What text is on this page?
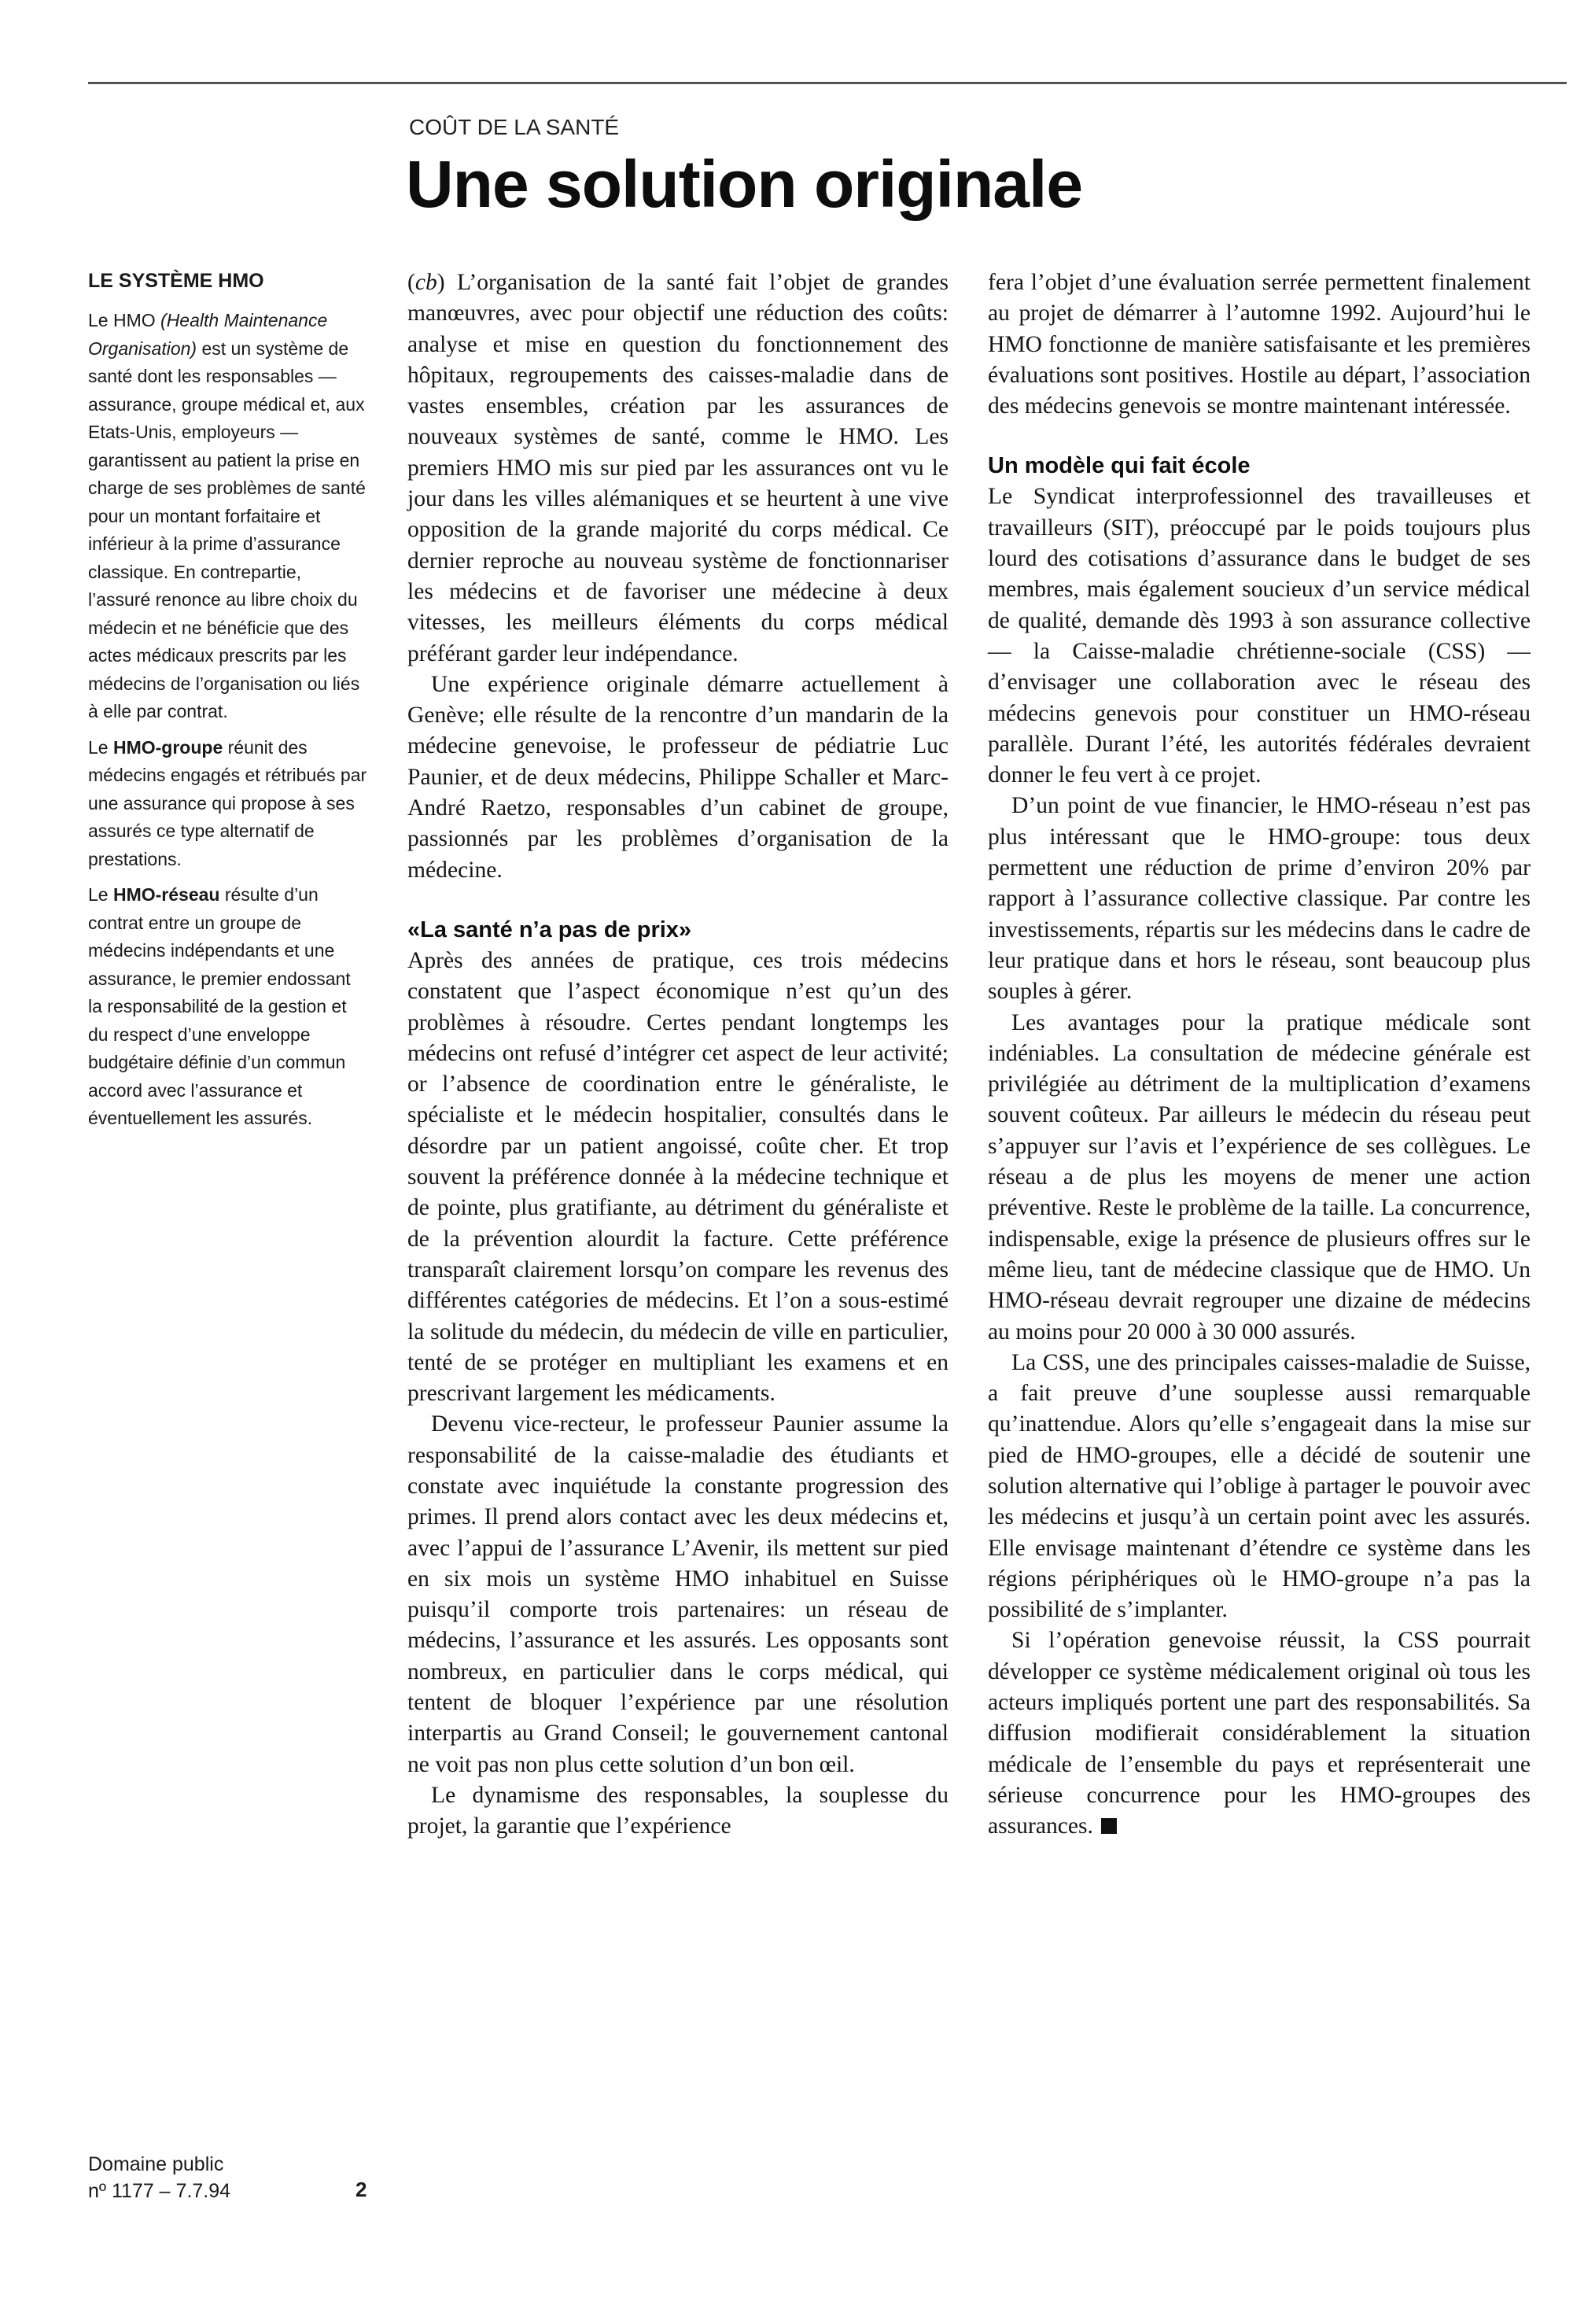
COÛT DE LA SANTÉ
Une solution originale
LE SYSTÈME HMO

Le HMO (Health Maintenance Organisation) est un système de santé dont les responsables — assurance, groupe médical et, aux Etats-Unis, employeurs — garantissent au patient la prise en charge de ses problèmes de santé pour un montant forfaitaire et inférieur à la prime d’assurance classique. En contrepartie, l’assuré renonce au libre choix du médecin et ne bénéficie que des actes médicaux prescrits par les médecins de l’organisation ou liés à elle par contrat.

Le HMO-groupe réunit des médecins engagés et rétribués par une assurance qui propose à ses assurés ce type alternatif de prestations.

Le HMO-réseau résulte d’un contrat entre un groupe de médecins indépendants et une assurance, le premier endossant la responsabilité de la gestion et du respect d’une enveloppe budgétaire définie d’un commun accord avec l’assurance et éventuellement les assurés.

(cb) L’organisation de la santé fait l’objet de grandes manœuvres, avec pour objectif une réduction des coûts: analyse et mise en question du fonctionnement des hôpitaux, regroupements des caisses-maladie dans de vastes ensembles, création par les assurances de nouveaux systèmes de santé, comme le HMO. Les premiers HMO mis sur pied par les assurances ont vu le jour dans les villes alémaniques et se heurtent à une vive opposition de la grande majorité du corps médical. Ce dernier reproche au nouveau système de fonctionnariser les médecins et de favoriser une médecine à deux vitesses, les meilleurs éléments du corps médical préférant garder leur indépendance.

Une expérience originale démarre actuellement à Genève; elle résulte de la rencontre d’un mandarin de la médecine genevoise, le professeur de pédiatrie Luc Paunier, et de deux médecins, Philippe Schaller et Marc-André Raetzo, responsables d’un cabinet de groupe, passionnés par les problèmes d’organisation de la médecine.

«La santé n’a pas de prix»

Après des années de pratique, ces trois médecins constatent que l’aspect économique n’est qu’un des problèmes à résoudre. Certes pendant longtemps les médecins ont refusé d’intégrer cet aspect de leur activité; or l’absence de coordination entre le généraliste, le spécialiste et le médecin hospitalier, consultés dans le désordre par un patient angoissé, coûte cher. Et trop souvent la préférence donnée à la médecine technique et de pointe, plus gratifiante, au détriment du généraliste et de la prévention alourdit la facture. Cette préférence transparaît clairement lorsqu’on compare les revenus des différentes catégories de médecins. Et l’on a sous-estimé la solitude du médecin, du médecin de ville en particulier, tenté de se protéger en multipliant les examens et en prescrivant largement les médicaments.

Devenu vice-recteur, le professeur Paunier assume la responsabilité de la caisse-maladie des étudiants et constate avec inquiétude la constante progression des primes. Il prend alors contact avec les deux médecins et, avec l’appui de l’assurance L’Avenir, ils mettent sur pied en six mois un système HMO inhabituel en Suisse puisqu’il comporte trois partenaires: un réseau de médecins, l’assurance et les assurés. Les opposants sont nombreux, en particulier dans le corps médical, qui tentent de bloquer l’expérience par une résolution interpartis au Grand Conseil; le gouvernement cantonal ne voit pas non plus cette solution d’un bon œil.

Le dynamisme des responsables, la souplesse du projet, la garantie que l’expérience

fera l’objet d’une évaluation serrée permettent finalement au projet de démarrer à l’automne 1992. Aujourd’hui le HMO fonctionne de manière satisfaisante et les premières évaluations sont positives. Hostile au départ, l’association des médecins genevois se montre maintenant intéressée.

Un modèle qui fait école

Le Syndicat interprofessionnel des travailleuses et travailleurs (SIT), préoccupé par le poids toujours plus lourd des cotisations d’assurance dans le budget de ses membres, mais également soucieux d’un service médical de qualité, demande dès 1993 à son assurance collective — la Caisse-maladie chrétienne-sociale (CSS) — d’envisager une collaboration avec le réseau des médecins genevois pour constituer un HMO-réseau parallèle. Durant l’été, les autorités fédérales devraient donner le feu vert à ce projet.

D’un point de vue financier, le HMO-réseau n’est pas plus intéressant que le HMO-groupe: tous deux permettent une réduction de prime d’environ 20% par rapport à l’assurance collective classique. Par contre les investissements, répartis sur les médecins dans le cadre de leur pratique dans et hors le réseau, sont beaucoup plus souples à gérer.

Les avantages pour la pratique médicale sont indéniables. La consultation de médecine générale est privilégiée au détriment de la multiplication d’examens souvent coûteux. Par ailleurs le médecin du réseau peut s’appuyer sur l’avis et l’expérience de ses collègues. Le réseau a de plus les moyens de mener une action préventive. Reste le problème de la taille. La concurrence, indispensable, exige la présence de plusieurs offres sur le même lieu, tant de médecine classique que de HMO. Un HMO-réseau devrait regrouper une dizaine de médecins au moins pour 20 000 à 30 000 assurés.

La CSS, une des principales caisses-maladie de Suisse, a fait preuve d’une souplesse aussi remarquable qu’inattendue. Alors qu’elle s’engageait dans la mise sur pied de HMO-groupes, elle a décidé de soutenir une solution alternative qui l’oblige à partager le pouvoir avec les médecins et jusqu’à un certain point avec les assurés. Elle envisage maintenant d’étendre ce système dans les régions périphériques où le HMO-groupe n’a pas la possibilité de s’implanter.

Si l’opération genevoise réussit, la CSS pourrait développer ce système médicalement original où tous les acteurs impliqués portent une part des responsabilités. Sa diffusion modifierait considérablement la situation médicale de l’ensemble du pays et représenterait une sérieuse concurrence pour les HMO-groupes des assurances.

Domaine public
nº 1177 – 7.7.94	2
